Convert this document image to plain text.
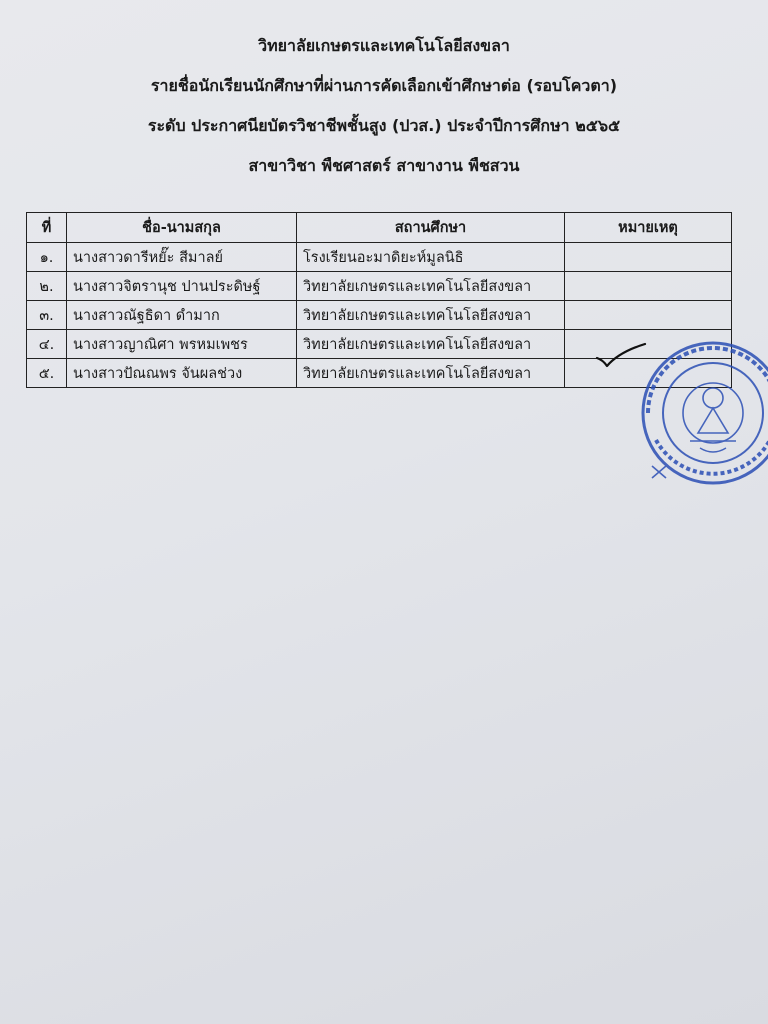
วิทยาลัยเกษตรและเทคโนโลยีสงขลา
รายชื่อนักเรียนนักศึกษาที่ผ่านการคัดเลือกเข้าศึกษาต่อ (รอบโควตา)
ระดับ ประกาศนียบัตรวิชาชีพชั้นสูง (ปวส.) ประจำปีการศึกษา ๒๕๖๕
สาขาวิชา พืชศาสตร์ สาขางาน พืชสวน
ที่	ชื่อ-นามสกุล	สถานศึกษา	หมายเหตุ
๑.	นางสาวดารีหยั๊ะ สีมาลย์	โรงเรียนอะมาดิยะห์มูลนิธิ	
๒.	นางสาวจิตรานุช ปานประดิษฐ์	วิทยาลัยเกษตรและเทคโนโลยีสงขลา	
๓.	นางสาวณัฐธิดา ดำมาก	วิทยาลัยเกษตรและเทคโนโลยีสงขลา	
๔.	นางสาวญาณิศา พรหมเพชร	วิทยาลัยเกษตรและเทคโนโลยีสงขลา	
๕.	นางสาวปัณณพร จันผลช่วง	วิทยาลัยเกษตรและเทคโนโลยีสงขลา	
